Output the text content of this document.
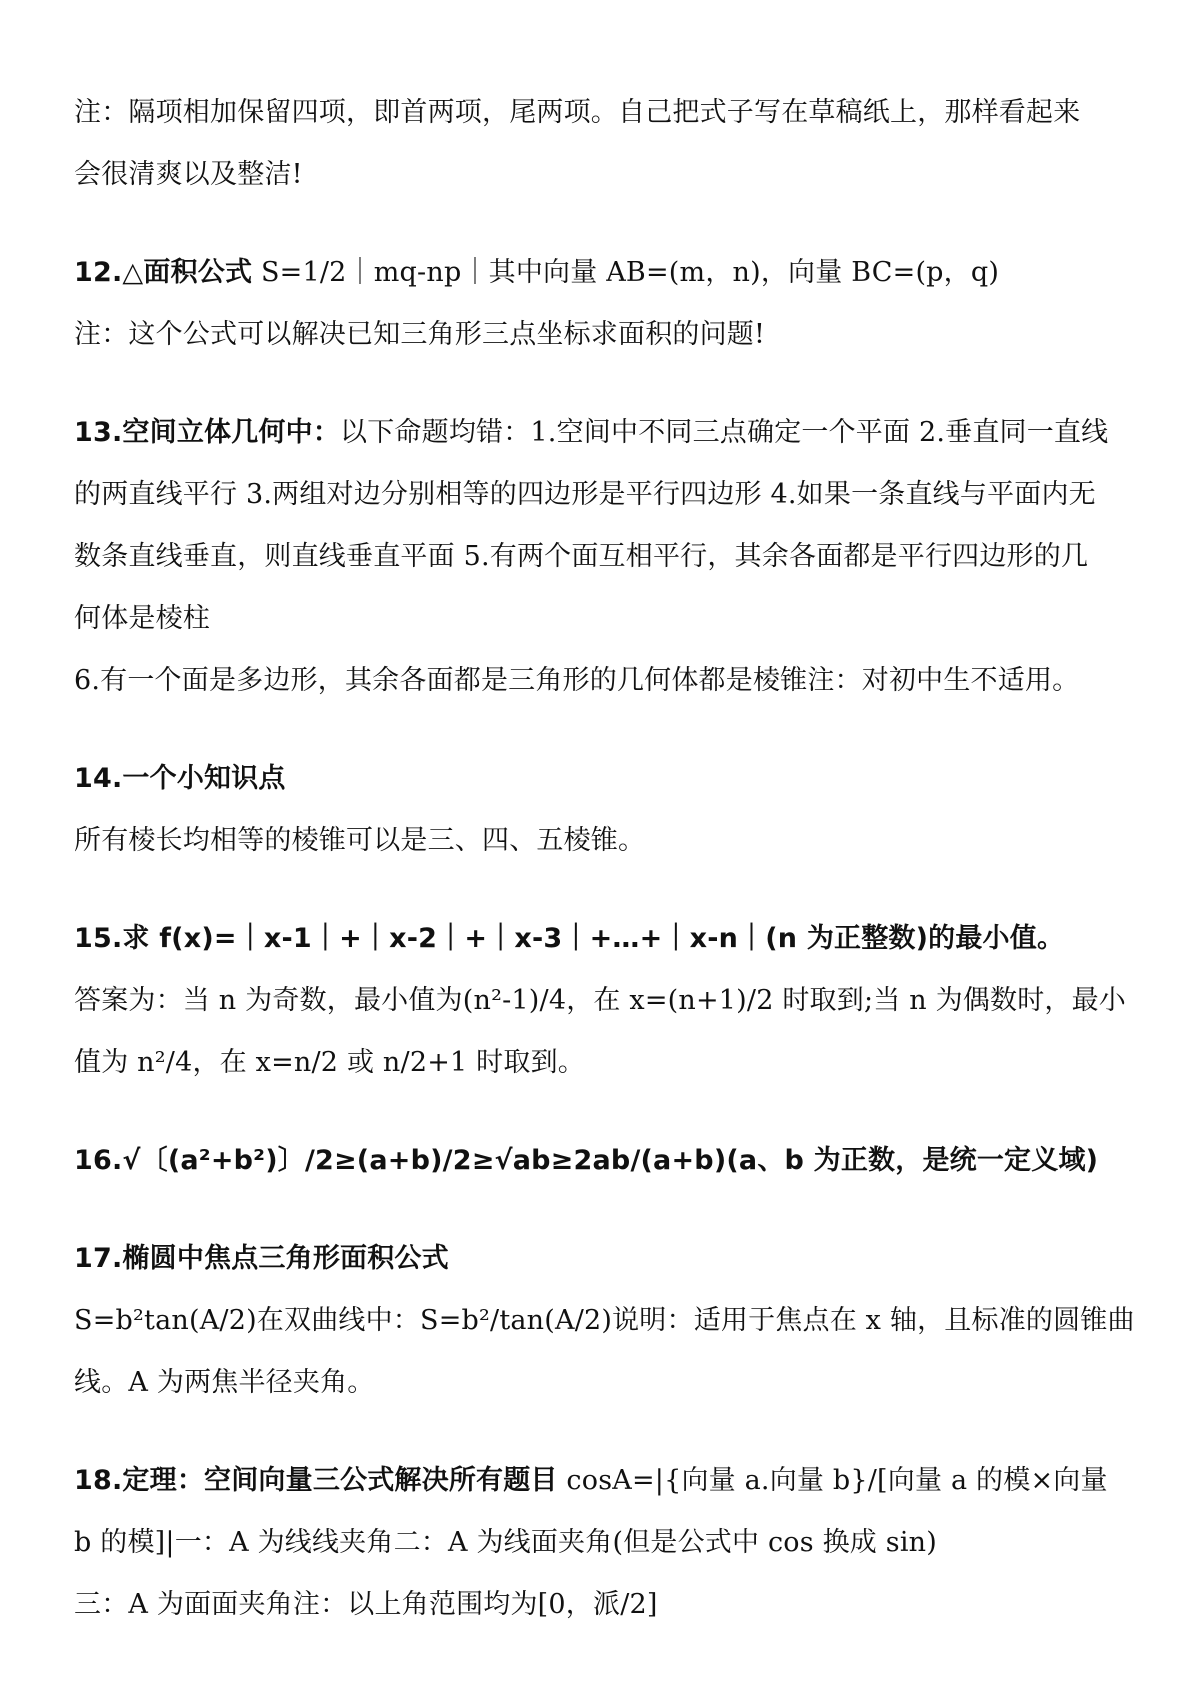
注：隔项相加保留四项，即首两项，尾两项。自己把式子写在草稿纸上，那样看起来
会很清爽以及整洁!
12.△面积公式 S=1/2｜mq-np｜其中向量 AB=(m，n)，向量 BC=(p，q)
注：这个公式可以解决已知三角形三点坐标求面积的问题!
13.空间立体几何中：以下命题均错：1.空间中不同三点确定一个平面 2.垂直同一直线
的两直线平行 3.两组对边分别相等的四边形是平行四边形 4.如果一条直线与平面内无
数条直线垂直，则直线垂直平面 5.有两个面互相平行，其余各面都是平行四边形的几
何体是棱柱
6.有一个面是多边形，其余各面都是三角形的几何体都是棱锥注：对初中生不适用。
14.一个小知识点
所有棱长均相等的棱锥可以是三、四、五棱锥。
15.求 f(x)=｜x-1｜+｜x-2｜+｜x-3｜+…+｜x-n｜(n 为正整数)的最小值。
答案为：当 n 为奇数，最小值为(n²-1)/4，在 x=(n+1)/2 时取到;当 n 为偶数时，最小
值为 n²/4，在 x=n/2 或 n/2+1 时取到。
16.√〔(a²+b²)〕/2≥(a+b)/2≥√ab≥2ab/(a+b)(a、b 为正数，是统一定义域)
17.椭圆中焦点三角形面积公式
S=b²tan(A/2)在双曲线中：S=b²/tan(A/2)说明：适用于焦点在 x 轴，且标准的圆锥曲
线。A 为两焦半径夹角。
18.定理：空间向量三公式解决所有题目 cosA=|{向量 a.向量 b}/[向量 a 的模×向量
b 的模]|一：A 为线线夹角二：A 为线面夹角(但是公式中 cos 换成 sin)
三：A 为面面夹角注：以上角范围均为[0，派/2]
